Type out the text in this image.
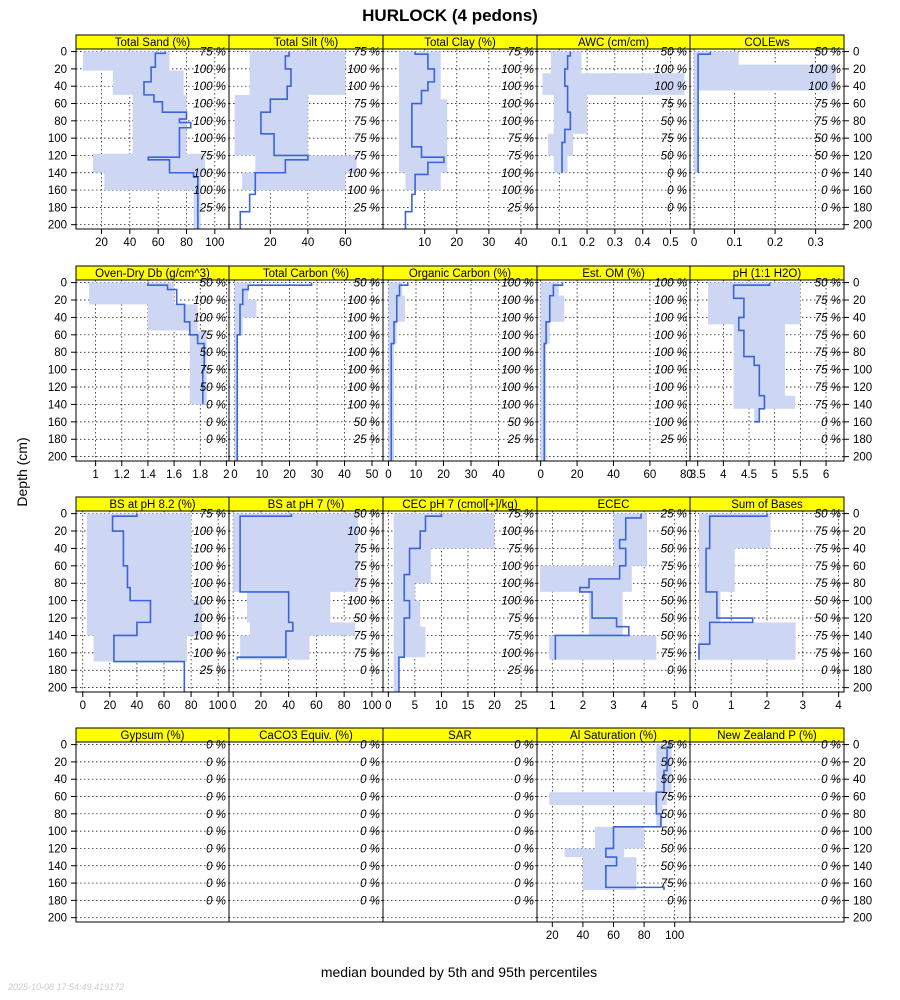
HURLOCK (4 pedons)
Total Sand (%)
75 %
100 %
100 %
100 %
100 %
100 %
75 %
100 %
100 %
25 %
20 40 60 80 100
0
20
40
60
80
100
120
140
160
180
200
Total Silt (%)
75 %
100 %
100 %
75 %
75 %
75 %
75 %
100 %
100 %
25 %
20 40 60
Total Clay (%)
75 %
100 %
100 %
100 %
100 %
75 %
75 %
100 %
100 %
25 %
10 20 30 40
AWC (cm/cm)
50 %
100 %
100 %
75 %
50 %
75 %
50 %
0 %
0 %
0 %
0.1 0.2 0.3 0.4 0.5
COLEws
50 %
100 %
100 %
75 %
75 %
50 %
50 %
0 %
0 %
0 %
0	0.1 0.2 0.3
0
20
40
60
80
100
120
140
160
180
200
Oven-Dry Db (g/cm^3)
50 %
100 %
100 %
75 %
50 %
75 %
50 %
0 %
0 %
0 %
1 1.2 1.4 1.6 1.8 2
0
20
40
60
80
100
120
140
160
180
200
Total Carbon (%)
50 %
100 %
100 %
100 %
100 %
100 %
100 %
100 %
50 %
25 %
0 10 20 30 40 50
Organic Carbon (%)
100 %
100 %
100 %
100 %
100 %
100 %
100 %
100 %
50 %
25 %
0 10 20 30 40
Est. OM (%)
100 %
100 %
100 %
100 %
100 %
100 %
100 %
100 %
100 %
25 %
0 20 40 60 80
pH (1:1 H2O)
50 %
75 %
75 %
75 %
75 %
75 %
75 %
75 %
0 %
0 %
3.5 4 4.5 5 5.5 6
0
20
40
60
80
100
120
140
160
180
200
BS at pH 8.2 (%)
75 %
100 %
100 %
100 %
100 %
100 %
100 %
100 %
100 %
25 %
0 20 40 60 80 100
0
20
40
60
80
100
120
140
160
180
200
BS at pH 7 (%)
50 %
100 %
75 %
75 %
75 %
100 %
50 %
75 %
75 %
0 %
0 20 40 60 80 100
CEC pH 7 (cmol[+]/kg)
75 %
100 %
75 %
100 %
100 %
100 %
75 %
75 %
100 %
25 %
0 5 10 15 20 25
ECEC
25 %
50 %
50 %
75 %
50 %
50 %
50 %
50 %
75 %
0 %
1 2 3 4 5
Sum of Bases
50 %
75 %
75 %
75 %
75 %
50 %
50 %
75 %
75 %
0 %
0	1	2	3	4
0
20
40
60
80
100
120
140
160
180
200
Gypsum (%)
0 %
0 %
0 %
0 %
0 %
0 %
0 %
0 %
0 %
0 %
0
20
40
60
80
100
120
140
160
180
200
CaCO3 Equiv. (%)
0 %
0 %
0 %
0 %
0 %
0 %
0 %
0 %
0 %
0 %
SAR
0 %
0 %
0 %
0 %
0 %
0 %
0 %
0 %
0 %
0 %
Al Saturation (%)
25 %
50 %
50 %
75 %
50 %
50 %
50 %
50 %
75 %
0 %
20 40 60 80 100
New Zealand P (%)
0 %
0 %
0 %
0 %
0 %
0 %
0 %
0 %
0 %
0 %
0
20
40
60
80
100
120
140
160
180
200
Depth (cm)
median bounded by 5th and 95th percentiles
2025-10-08 17:54:49.419172
